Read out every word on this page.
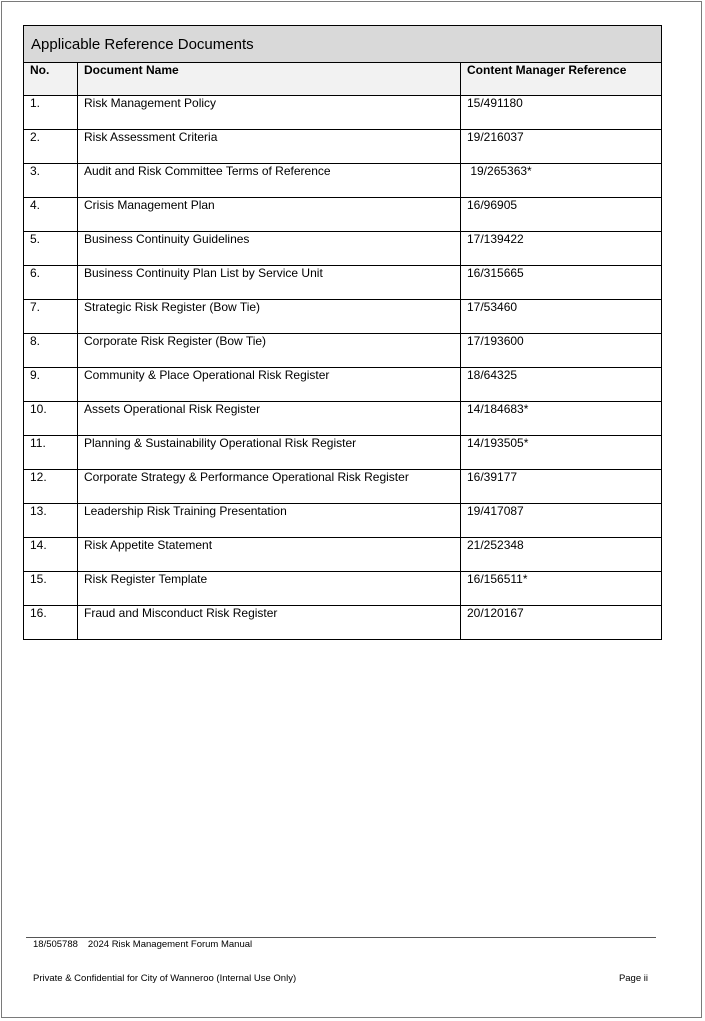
Applicable Reference Documents		
No.	Document Name	Content Manager Reference
1.	Risk Management Policy	15/491180
2.	Risk Assessment Criteria	19/216037
3.	Audit and Risk Committee Terms of Reference	19/265363*
4.	Crisis Management Plan	16/96905
5.	Business Continuity Guidelines	17/139422
6.	Business Continuity Plan List by Service Unit	16/315665
7.	Strategic Risk Register (Bow Tie)	17/53460
8.	Corporate Risk Register (Bow Tie)	17/193600
9.	Community & Place Operational Risk Register	18/64325
10.	Assets Operational Risk Register	14/184683*
11.	Planning & Sustainability Operational Risk Register	14/193505*
12.	Corporate Strategy & Performance Operational Risk Register	16/39177
13.	Leadership Risk Training Presentation	19/417087
14.	Risk Appetite Statement	21/252348
15.	Risk Register Template	16/156511*
16.	Fraud and Misconduct Risk Register	20/120167
18/505788 2024 Risk Management Forum Manual
Private & Confidential for City of Wanneroo (Internal Use Only)	Page ii
